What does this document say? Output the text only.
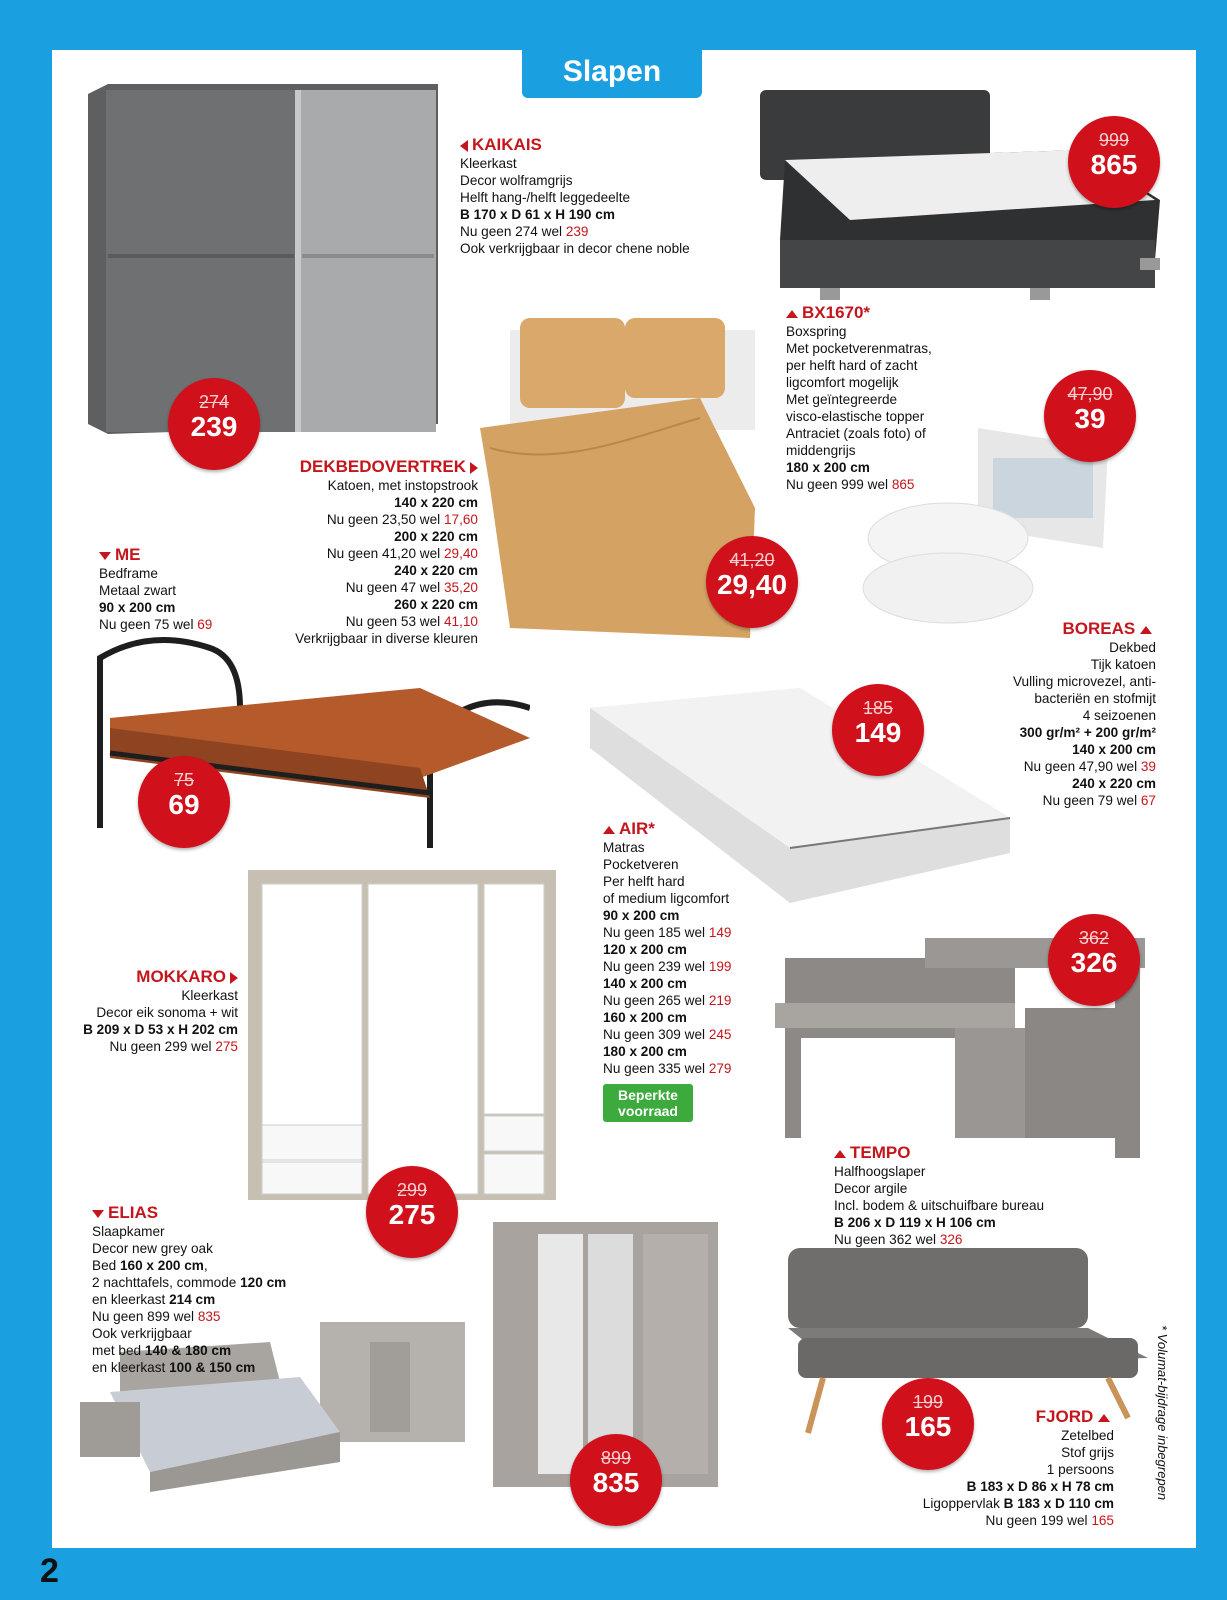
Slapen
2
KAIKAIS
Kleerkast
Decor wolframgrijs
Helft hang-/helft leggedeelte
B 170 x D 61 x H 190 cm
Nu geen 274 wel 239
Ook verkrijgbaar in decor chene noble
BX1670*
Boxspring
Met pocketverenmatras,
per helft hard of zacht
ligcomfort mogelijk
Met geïntegreerde
visco-elastische topper
Antraciet (zoals foto) of
middengrijs
180 x 200 cm
Nu geen 999 wel 865
DEKBEDOVERTREK
Katoen, met instopstrook
140 x 220 cm
Nu geen 23,50 wel 17,60
200 x 220 cm
Nu geen 41,20 wel 29,40
240 x 220 cm
Nu geen 47 wel 35,20
260 x 220 cm
Nu geen 53 wel 41,10
Verkrijgbaar in diverse kleuren
ME
Bedframe
Metaal zwart
90 x 200 cm
Nu geen 75 wel 69	BOREAS
Dekbed
Tijk katoen
Vulling microvezel, anti-
bacteriën en stofmijt
4 seizoenen
300 gr/m² + 200 gr/m²
140 x 200 cm
Nu geen 47,90 wel 39
240 x 220 cm
Nu geen 79 wel 67
AIR*
Matras
Pocketveren
Per helft hard
of medium ligcomfort
90 x 200 cm
Nu geen 185 wel 149
120 x 200 cm
Nu geen 239 wel 199
140 x 200 cm
Nu geen 265 wel 219
160 x 200 cm
Nu geen 309 wel 245
180 x 200 cm
Nu geen 335 wel 279
Beperkte
voorraad
MOKKARO
Kleerkast
Decor eik sonoma + wit
B 209 x D 53 x H 202 cm
Nu geen 299 wel 275
TEMPO
Halfhoogslaper
Decor argile
Incl. bodem & uitschuifbare bureau
B 206 x D 119 x H 106 cm
Nu geen 362 wel 326
ELIAS
Slaapkamer
Decor new grey oak
Bed 160 x 200 cm,
2 nachttafels, commode 120 cm
en kleerkast 214 cm
Nu geen 899 wel 835
Ook verkrijgbaar
met bed 140 & 180 cm
en kleerkast 100 & 150 cm
FJORD
Zetelbed
Stof grijs
1 persoons
B 183 x D 86 x H 78 cm
Ligoppervlak B 183 x D 110 cm
Nu geen 199 wel 165
274
239
999
865
41,20
29,40
47,90
39
75
69
185
149
362
326
299
275
199
165
899
835	* Volumat-bijdrage inbegrepen
